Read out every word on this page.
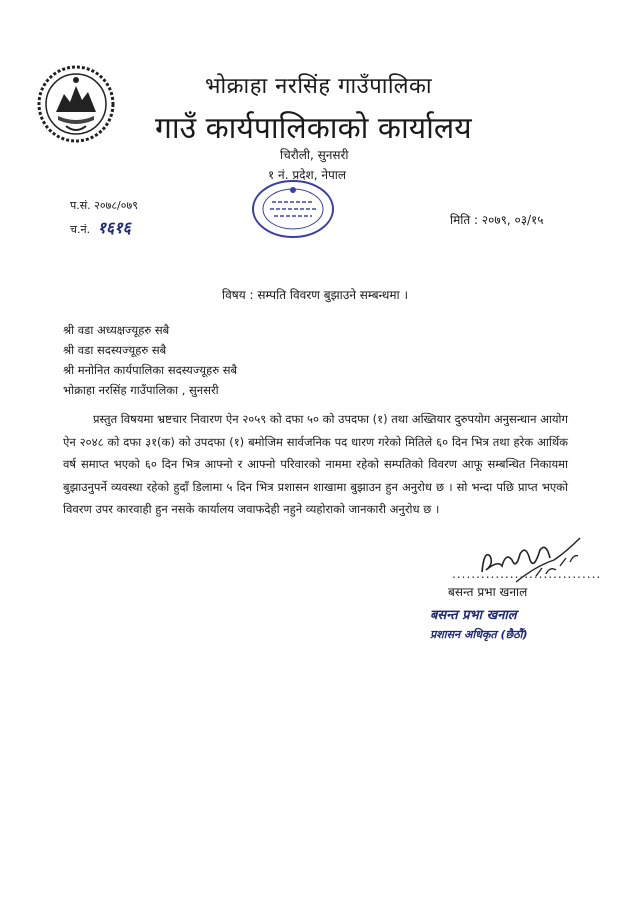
भोक्राहा नरसिंह गाउँपालिका
गाउँ कार्यपालिकाको कार्यालय
चिरौली, सुनसरी
१ नं. प्रदेश, नेपाल
प.सं. २०७८/०७९
च.नं. १६१६	मिति : २०७९, ०३/१५
विषय : सम्पति विवरण बुझाउने सम्बन्धमा ।
श्री वडा अध्यक्षज्यूहरु सबै
श्री वडा सदस्यज्यूहरु सबै
श्री मनोनित कार्यपालिका सदस्यज्यूहरु सबै
भोक्राहा नरसिंह गाउँपालिका , सुनसरी

प्रस्तुत विषयमा भ्रष्टचार निवारण ऐन २०५९ को दफा ५० को उपदफा (१) तथा अख्तियार दुरुपयोग अनुसन्धान आयोग ऐन २०४८ को दफा ३१(क) को उपदफा (१) बमोजिम सार्वजनिक पद धारण गरेको मितिले ६० दिन भित्र तथा हरेक आर्थिक वर्ष समाप्त भएको ६० दिन भित्र आफ्नो र आफ्नो परिवारको नाममा रहेको सम्पतिको विवरण आफू सम्बन्धित निकायमा बुझाउनुपर्ने व्यवस्था रहेको हुदाँ डिलामा ५ दिन भित्र प्रशासन शाखामा बुझाउन हुन अनुरोध छ । सो भन्दा पछि प्राप्त भएको विवरण उपर कारवाही हुन नसके कार्यालय जवाफदेही नहुने व्यहोराको जानकारी अनुरोध छ ।

...............................
बसन्त प्रभा खनाल
बसन्त प्रभा खनाल
प्रशासन अधिकृत (छैठौं)
